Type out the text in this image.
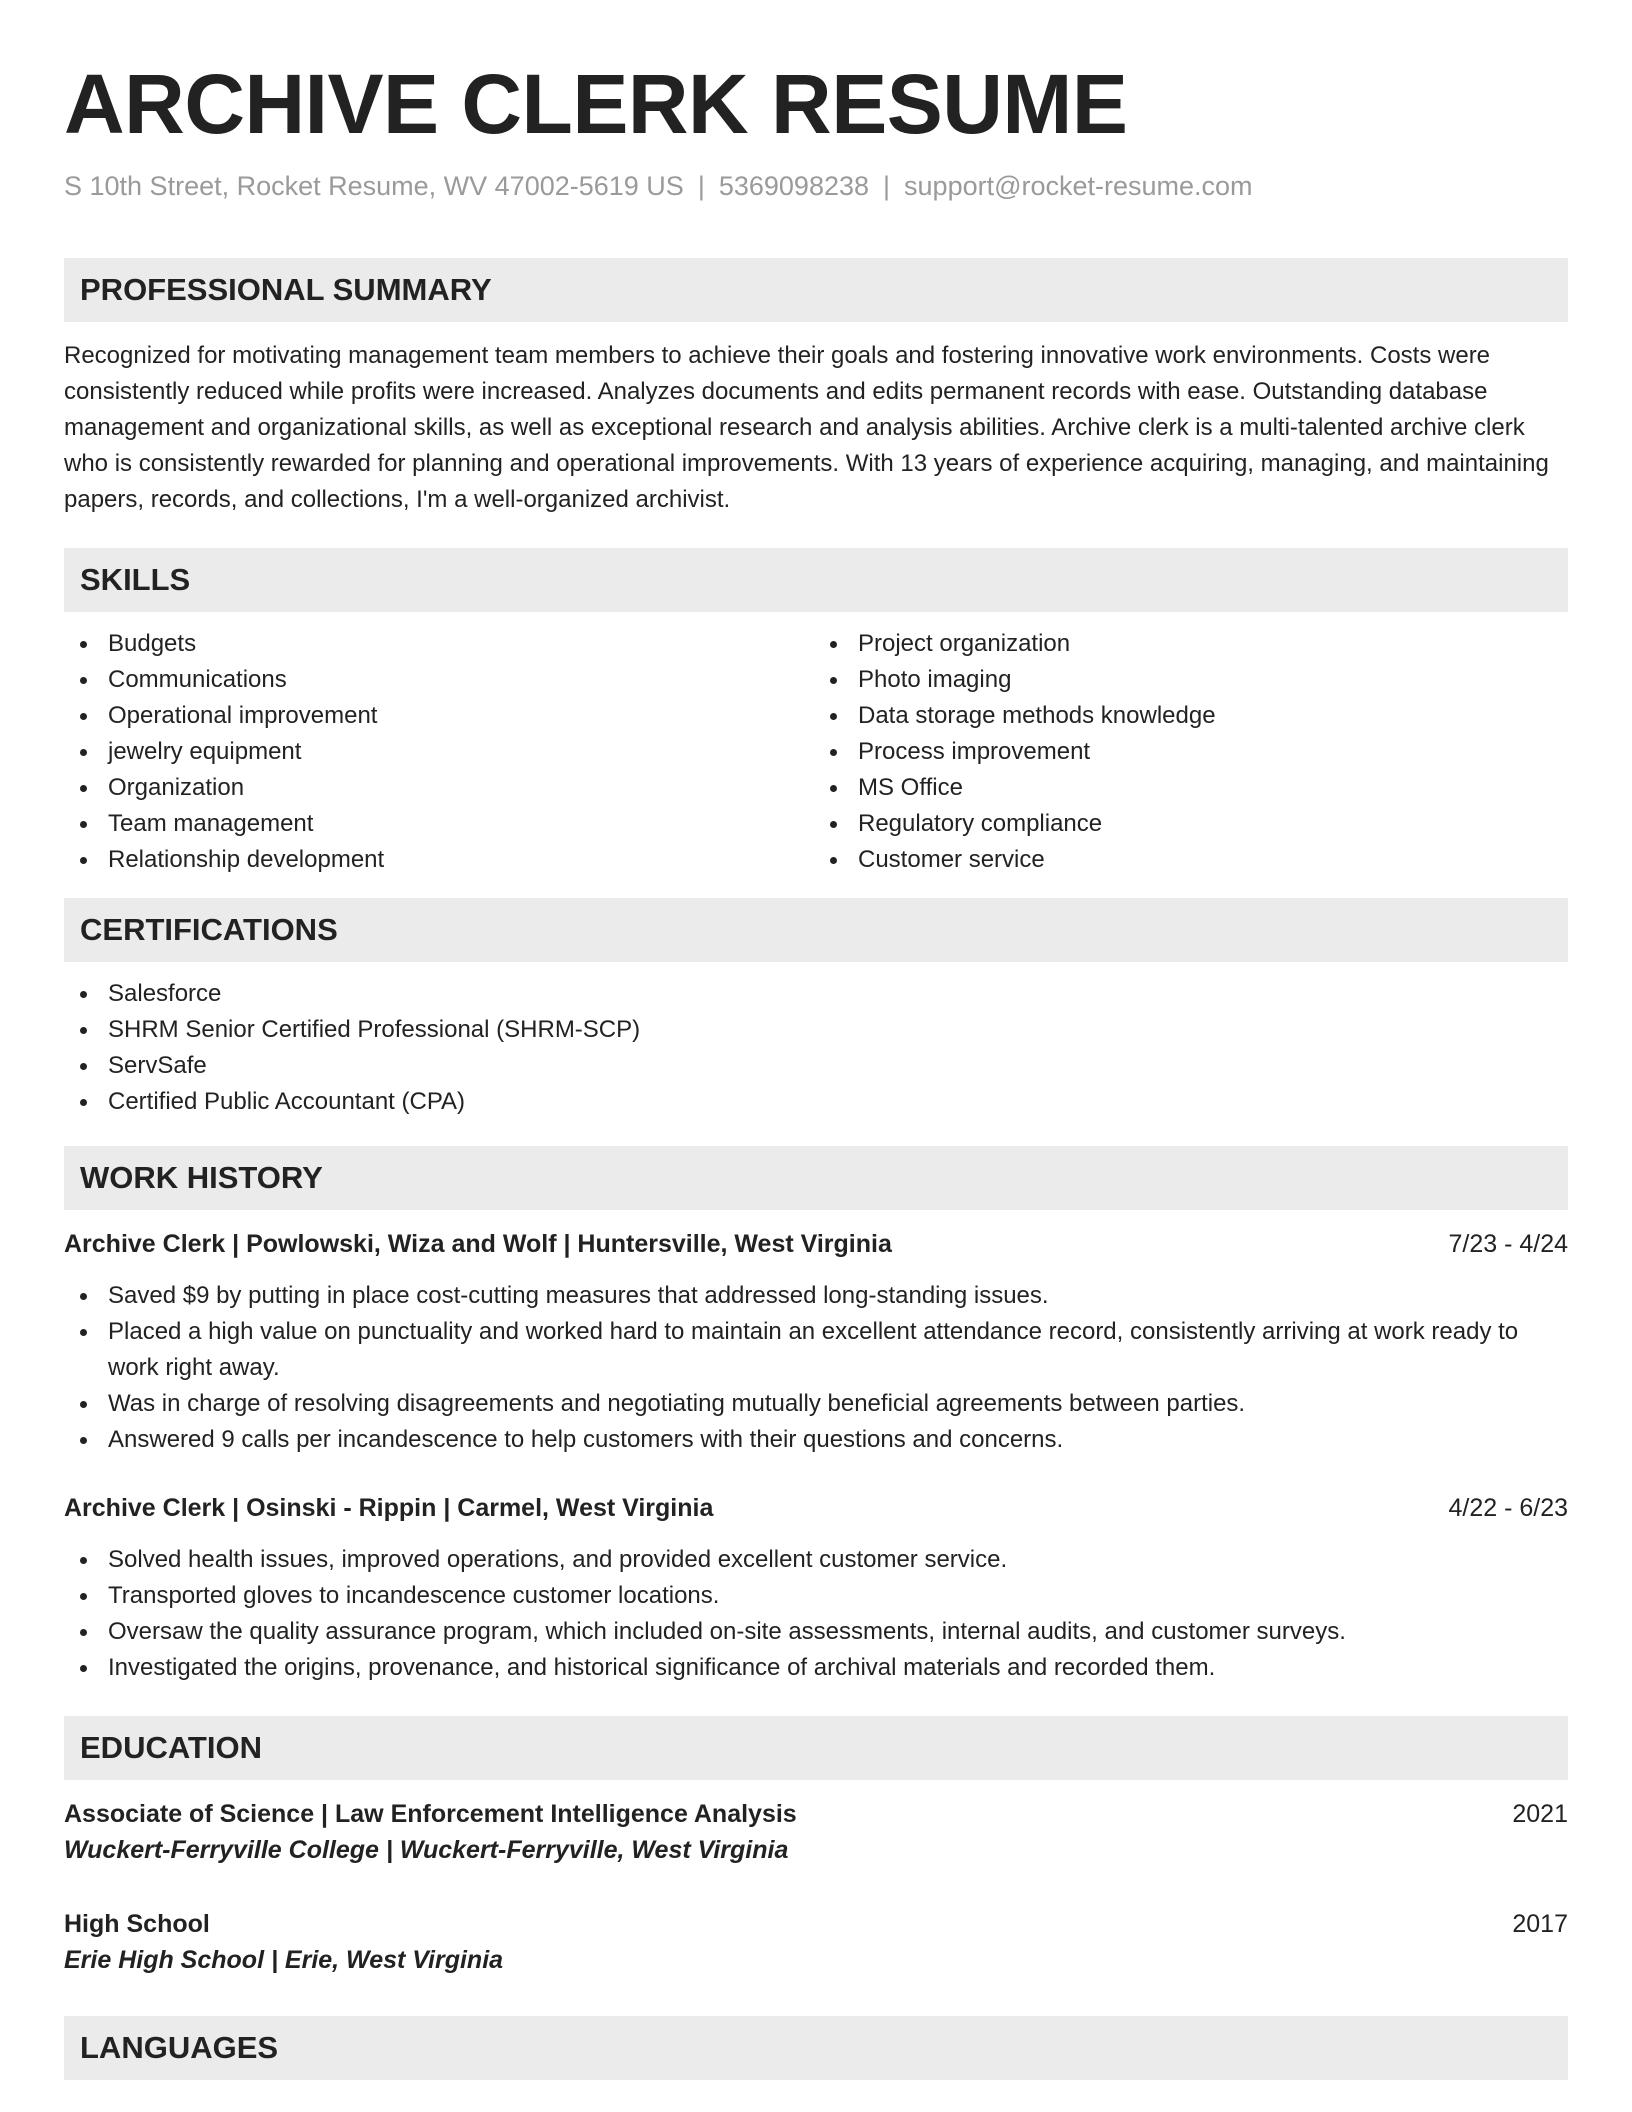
ARCHIVE CLERK RESUME
S 10th Street, Rocket Resume, WV 47002-5619 US | 5369098238 | support@rocket-resume.com
PROFESSIONAL SUMMARY

Recognized for motivating management team members to achieve their goals and fostering innovative work environments. Costs were consistently reduced while profits were increased. Analyzes documents and edits permanent records with ease. Outstanding database management and organizational skills, as well as exceptional research and analysis abilities. Archive clerk is a multi-talented archive clerk who is consistently rewarded for planning and operational improvements. With 13 years of experience acquiring, managing, and maintaining papers, records, and collections, I'm a well-organized archivist.

SKILLS
Budgets
Communications
Operational improvement
jewelry equipment
Organization
Team management
Relationship development
Project organization
Photo imaging
Data storage methods knowledge
Process improvement
MS Office
Regulatory compliance
Customer service
CERTIFICATIONS
Salesforce
SHRM Senior Certified Professional (SHRM-SCP)
ServSafe
Certified Public Accountant (CPA)
WORK HISTORY
Archive Clerk | Powlowski, Wiza and Wolf | Huntersville, West Virginia	7/23 - 4/24
Saved $9 by putting in place cost-cutting measures that addressed long-standing issues.
Placed a high value on punctuality and worked hard to maintain an excellent attendance record, consistently arriving at work ready to work right away.
Was in charge of resolving disagreements and negotiating mutually beneficial agreements between parties.
Answered 9 calls per incandescence to help customers with their questions and concerns.
Archive Clerk | Osinski - Rippin | Carmel, West Virginia	4/22 - 6/23
Solved health issues, improved operations, and provided excellent customer service.
Transported gloves to incandescence customer locations.
Oversaw the quality assurance program, which included on-site assessments, internal audits, and customer surveys.
Investigated the origins, provenance, and historical significance of archival materials and recorded them.
EDUCATION
Associate of Science | Law Enforcement Intelligence Analysis	2021
Wuckert-Ferryville College | Wuckert-Ferryville, West Virginia
High School	2017
Erie High School | Erie, West Virginia
LANGUAGES
